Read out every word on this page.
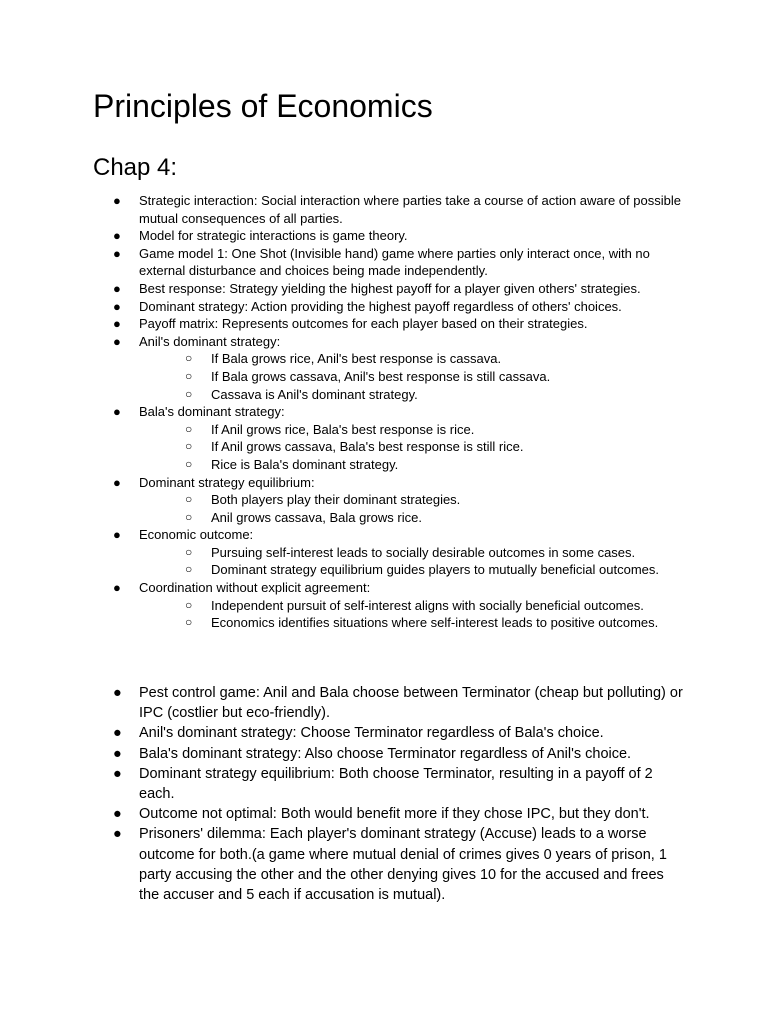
Principles of Economics
Chap 4:
● Strategic interaction: Social interaction where parties take a course of action aware of possible mutual consequences of all parties.
● Model for strategic interactions is game theory.
● Game model 1: One Shot (Invisible hand) game where parties only interact once, with no external disturbance and choices being made independently.
● Best response: Strategy yielding the highest payoff for a player given others' strategies.
● Dominant strategy: Action providing the highest payoff regardless of others' choices.
● Payoff matrix: Represents outcomes for each player based on their strategies.
● Anil's dominant strategy:
○ If Bala grows rice, Anil's best response is cassava.
○ If Bala grows cassava, Anil's best response is still cassava.
○ Cassava is Anil's dominant strategy.
● Bala's dominant strategy:
○ If Anil grows rice, Bala's best response is rice.
○ If Anil grows cassava, Bala's best response is still rice.
○ Rice is Bala's dominant strategy.
● Dominant strategy equilibrium:
○ Both players play their dominant strategies.
○ Anil grows cassava, Bala grows rice.
● Economic outcome:
○ Pursuing self-interest leads to socially desirable outcomes in some cases.
○ Dominant strategy equilibrium guides players to mutually beneficial outcomes.
● Coordination without explicit agreement:
○ Independent pursuit of self-interest aligns with socially beneficial outcomes.
○ Economics identifies situations where self-interest leads to positive outcomes.
● Pest control game: Anil and Bala choose between Terminator (cheap but polluting) or IPC (costlier but eco-friendly).
● Anil's dominant strategy: Choose Terminator regardless of Bala's choice.
● Bala's dominant strategy: Also choose Terminator regardless of Anil's choice.
● Dominant strategy equilibrium: Both choose Terminator, resulting in a payoff of 2 each.
● Outcome not optimal: Both would benefit more if they chose IPC, but they don't.
● Prisoners' dilemma: Each player's dominant strategy (Accuse) leads to a worse outcome for both.(a game where mutual denial of crimes gives 0 years of prison, 1 party accusing the other and the other denying gives 10 for the accused and frees the accuser and 5 each if accusation is mutual).
